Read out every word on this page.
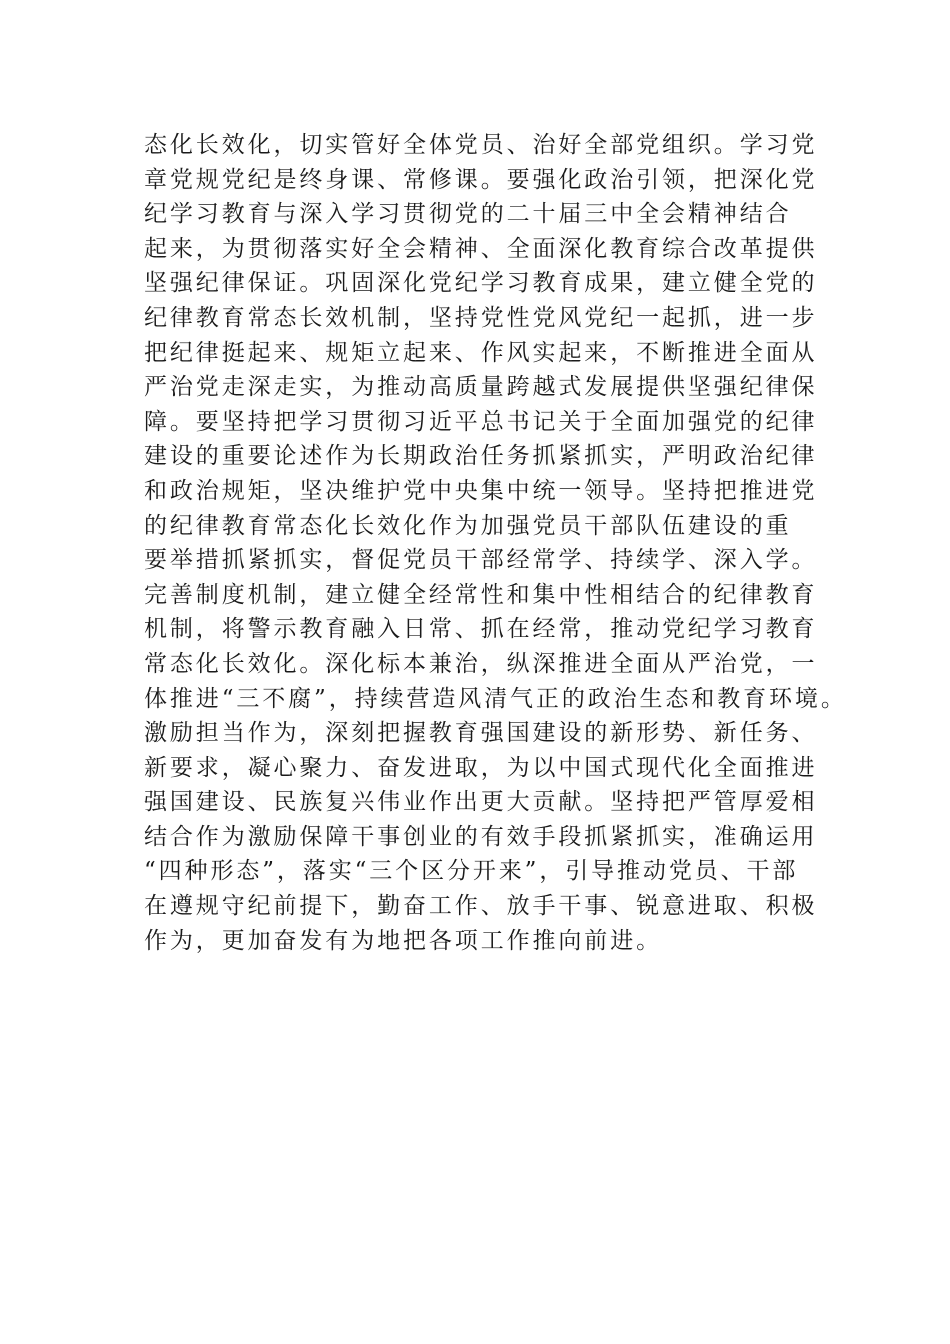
态化长效化，切实管好全体党员、治好全部党组织。学习党
章党规党纪是终身课、常修课。要强化政治引领，把深化党
纪学习教育与深入学习贯彻党的二十届三中全会精神结合
起来，为贯彻落实好全会精神、全面深化教育综合改革提供
坚强纪律保证。巩固深化党纪学习教育成果，建立健全党的
纪律教育常态长效机制，坚持党性党风党纪一起抓，进一步
把纪律挺起来、规矩立起来、作风实起来，不断推进全面从
严治党走深走实，为推动高质量跨越式发展提供坚强纪律保
障。要坚持把学习贯彻习近平总书记关于全面加强党的纪律
建设的重要论述作为长期政治任务抓紧抓实，严明政治纪律
和政治规矩，坚决维护党中央集中统一领导。坚持把推进党
的纪律教育常态化长效化作为加强党员干部队伍建设的重
要举措抓紧抓实，督促党员干部经常学、持续学、深入学。
完善制度机制，建立健全经常性和集中性相结合的纪律教育
机制，将警示教育融入日常、抓在经常，推动党纪学习教育
常态化长效化。深化标本兼治，纵深推进全面从严治党，一
体推进“三不腐”，持续营造风清气正的政治生态和教育环境。
激励担当作为，深刻把握教育强国建设的新形势、新任务、
新要求，凝心聚力、奋发进取，为以中国式现代化全面推进
强国建设、民族复兴伟业作出更大贡献。坚持把严管厚爱相
结合作为激励保障干事创业的有效手段抓紧抓实，准确运用
“四种形态”，落实“三个区分开来”，引导推动党员、干部
在遵规守纪前提下，勤奋工作、放手干事、锐意进取、积极
作为，更加奋发有为地把各项工作推向前进。
